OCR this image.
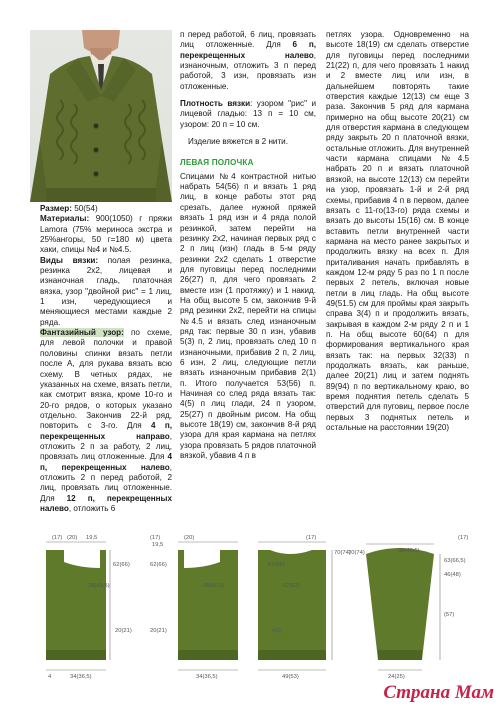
Размер: 50(54)

Материалы: 900(1050) г пряжи Lamora (75% мериноса экстра и 25%ангоры, 50 г=180 м) цвета хаки, спицы №4 и №4.5.

Виды вязки: полая резинка, резинка 2х2, лицевая и изнаночная гладь, платочная вязка, узор "двойной рис" = 1 лиц, 1 изн, чередующиеся и меняющиеся местами каждые 2 ряда.

Фантазийный узор: по схеме, для левой полочки и правой половины спинки вязать петли после А, для рукава вязать всю схему. В четных рядах, не указанных на схеме, вязать петли, как смотрит вязка, кроме 10-го и 20-го рядов, о которых указано отдельно. Закончив 22-й ряд, повторить с 3-го. Для 4 п, перекрещенных направо, отложить 2 п за работу, 2 лиц, провязать лиц отложенные. Для 4 п, перекрещенных налево, отложить 2 п перед работой, 2 лиц, провязать лиц отложенные. Для 12 п, перекрещенных налево, отложить 6

п перед работой, 6 лиц, провязать лиц отложенные. Для 6 п, перекрещенных налево, изнаночным, отложить 3 п перед работой, 3 изн, провязать изн отложенные.

Плотность вязки: узором "рис" и лицевой гладью: 13 п = 10 см, узором: 20 п = 10 см.

Изделие вяжется в 2 нити.

ЛЕВАЯ ПОЛОЧКА

Спицами №4 контрастной нитью набрать 54(56) п и вязать 1 ряд лиц, в конце работы этот ряд срезать, далее нужной пряжей вязать 1 ряд изн и 4 ряда полой резинкой, затем перейти на резинку 2х2, начиная первых ряд с 2 п лиц (изн) гладь в 5-м ряду резинки 2х2 сделать 1 отверстие для пуговицы перед последними 26(27) п, для чего провязать 2 вместе изн (1 протяжку) и 1 накид. На общ высоте 5 см, закончив 9-й ряд резинки 2х2, перейти на спицы №4.5 и вязать след изнаночным ряд так: первые 30 п изн, убавив 5(3) п, 2 лиц, провязать след 10 п изнаночными, прибавив 2 п, 2 лиц, 6 изн, 2 лиц, следующие петли вязать изнаночным прибавив 2(1) п. Итого получается 53(56) п. Начиная со след ряда вязать так: 4(5) п лиц глади, 24 п узором, 25(27) п двойным рисом. На общ высоте 18(19) см, закончив 8-й ряд узора для края кармана на петлях узора провязать 5 рядов платочной вязкой, убавив 4 п в

петлях узора. Одновременно на высоте 18(19) см сделать отверстие для пуговицы перед последними 21(22) п, для чего провязать 1 накид и 2 вместе лиц или изн, в дальнейшем повторять такие отверстия каждые 12(13) см еще 3 раза. Закончив 5 ряд для кармана примерно на общ высоте 20(21) см для отверстия кармана в следующем ряду закрыть 20 п платочной вязки, остальные отложить. Для внутренней части кармана спицами №4.5 набрать 20 п и вязать платочной вязкой, на высоте 12(13) см перейти на узор, провязать 1-й и 2-й ряд схемы, прибавив 4 п в первом, далее вязать с 11-го(13-го) ряда схемы и вязать до высоты 15(16) см. В конце вставить петли внутренней части кармана на место ранее закрытых и продолжить вязку на всех п. Для приталивания начать прибавлять в каждом 12-м ряду 5 раз по 1 п после первых 2 петель, включая новые петли в лиц гладь. На общ высоте 49(51.5) см для проймы края закрыть справа 3(4) п и продолжить вязать, закрывая в каждом 2-м ряду 2 п и 1 п. На общ высоте 60(64) п для формирования вертикального края вязать так: на первых 32(33) п продолжать вязать, как раньше, далее 20(21) лиц и затем поднять 89(94) п по вертикальному краю, во время поднятия петель сделать 5 отверстий для пуговиц, первое после первых 3 поднятых петель и остальные на расстоянии 19(20)

(17) (20) 19,5
62(66)
38(40,5)
20(21)
4	34(36,5)
(17)	(20)
19,5
62(66)
38(40,5)
20(21)
34(36,5)
(17)
70(74)
62(66)
57(62)
(41)
49(53)
(17)
70(74)	38(40,5)
63(66,5)
46(48)
(57)
24(25)
Страна Мам
